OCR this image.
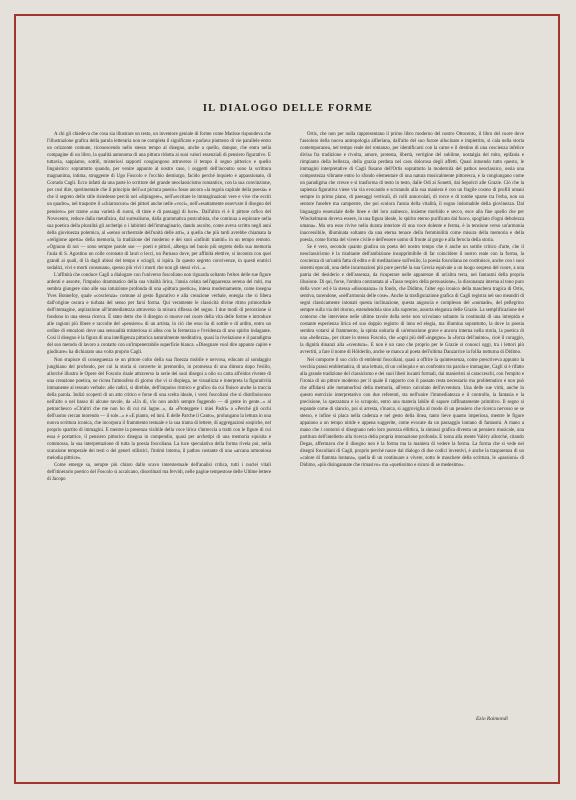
IL DIALOGO DELLE FORME

A chi gli chiedeva che cosa sia illustrare un testo, un inventore geniale di forme come Matisse rispondeva che l'illustrazione grafica della parola letteraria non ne completa il significato e parlava piuttosto di vie parallele entro un orizzonte comune, riconoscendo nello stesso tempo al disegno, anche a quello, dunque, che entra nella compagine di un libro, la qualità autonoma di una pittura ridotta ai suoi valori essenziali di pensiero figurativo. E tuttavia, sappiamo, sottili, misteriosi rapporti congiungono attraverso il tempo il segno pittorico e quello linguistico: soprattutto quando, per venire appunto al nostro caso, i soggetti dell'incontro sono la scrittura magnanima, intima, struggente di Ugo Foscolo e l'occhio demiurgo, facido perché inquieto e appassionato, di Corrado Cagli. Ecco infatti da una parte lo scrittore del grande neoclassicismo romantico, con la sua convinzione, per così dire, sperimentale che il principio dell'«ut pictura poesis» fosse ancora «la regola capitale della poesia» e che il segreto dello stile risiedesse perciò nel «dipingere», nell'«eccitare le immaginazioni vere e vive che ecciti un quadro», nel trasporre il «chiaroscuro» dei pittori anche nelle «voci», nell'«esattamente osservare il disegno del pensiero» per trarne «una varietà di suoni, di tinte e di passaggi di luce». Dall'altra vi è il pittore orfico del Novecento, reduce dalla metafisica, dal surrealismo, dalla grammatica postcubista, che continua a esplorare nella sua poetica della pluralità gli archetipi o i labirinti dell'immaginario, dando ascolto, come aveva scritto negli anni della giovinezza polemica, al «senso orchestrale dell'unità delle arti», a quella che più tardi avrebbe chiamata la «religione aperta» della memoria, la tradizione del moderno e dei suoi «infiniti tramiti» in un tempo remoto. «Ognuno di noi — sono sempre parole sue — poeti e pittori, alberga nel buoio più segreto della sua memoria l'aula di S. Agostino un colle coronato di lauri o lecci, un Parnaso dove, per affinità elettive, si incontra con quei grandi ai quali, di là dagli abissi del tempo e sciogli, si ispira. In questo segreto convivenze, in questi eratrici sodalizi, vivi e morti consonano, spesso più vivi i morti che non gli stessi vivi...».

L'affinità che conduce Cagli a dialogare con l'universo foscoliano non riguarda soltanto l'ethos delle sue figure ardenti e assorte, l'impulso drammatico della sua vitalità lirica, l'ansia celata nell'apparenza serena dei miti, ma sembra giungere sino alle sua intuizione profonda di una «pittura poetica», intesa modernamente, come insegna Yves Bonnefoy, quale «coscienza» comune al gesto figurativo e alla creazione verbale, energia che si libera dall'origine oscura e turbata del senso per farsi forma. Qui veramente le classicità divine ritmo primordiale dell'immagine, aspirazione all'immediatezza attraverso la misura riflessa del segno. I due modi di percezione si fondono in una stessa ricerca. È stato detto che il disegno si muove nel cuore della vita delle forme e introduce alle ragioni più libere e raccolte del «pensiero» di un artista, in ciò che esso ha di sottile e di ardito, entro un ordine di emozioni dove una sensualità misteriosa si allea con la fermezza e l'evidenza di uno spirito indagante. Così il disegno è la figura di una intelligenza pittorica naturalmente meditativa, quasi la rivelazione e il paradigma del suo metodo di lavoro a contatto con un'impenetrabile superficie bianca. «Disegnare vuol dire appunto capire e giudicare» ha dichiarato una volta proprio Cagli.

Non stupisce di conseguenza se un pittore colto della sua finezza mobile e nervosa, educato al sondaggio junghiano del profondo, per cui la storia si converte in premordio, in promessa di una dimora dopo l'esilio, allorché illustra le Opere del Foscolo risale attraverso la serie dei suoi disegni a olio su carta all'eidos rivente di una creazione poetica, ne ricrea l'atmosfera di giorno che vi si dispiega, ne visualizza e interpreta la figuratività immanente al tessuto verbale: alle radici, si direbbe, dell'impulso ritmico e grafico da cui fluisce anche la traccia della parola. Indizi scoperti di un atto critico e forse di una scelta ideale, i versi foscoliani che si distribuiscono nell'alto o nel basso di alcune tavole, da «Un dì, s'io non andrò sempre fuggendo — di gente in gente...» al petrarchesco «Ch'altri che me non ho di cui mi lagne...», da «Proteggete i miei Padri» a «Perché gli occhi dell'uomo cercan morendo — il sole...» e «E pianto, ed inni. E delle Parche il Canto», prolungano la lettura in una nuova scrittura iconica, che incorpora il frammento testuale e la sua trama di lettere, di aggregazioni sospiche, nel proprio spartito di immagini. E mentre la presenza visibile della voce lirica s'intreccia a tratti con le figure di cui essa è portatrice, il pensiero pittorico disegna in compendio, quasi per archetipi di una memoria squisita e commossa, la sua interpretazione di tutta la poesia foscoliana. La luce speculativa della forma rivela poi, nella scansione temperale dei testi o dei generi stilistici, l'intimi interna, il pathos costante di una «arcana armoniosa melodia pittrice».

Come emerge su, sempre più chiaro dallo scavo interstestuale dell'analisi critica, tutti i nuclei vitali dell'itinerario poetico del Foscolo si accalcano, disordinati ma fervidi, nelle pagine tempestose delle Ultime lettere di Jacopo

Ortis, che non per nulla rappresentano il primo libro moderno del nostro Ottocento, il libro del cuore dove l'assoluto della nuova antropologia alfieriana, dall'alto del suo furore allucinato e impietrito, si cala nella storia contemporanea, nel tempo reale del romanzo, per identificarsi con la carne e il destino di una coscienza infelice divisa fra tradizione e rivolta, amore, protesta, libertà, vertigine del sublime, nostalgia del mito, epifania e rimpianto della bellezza, della grazia perduta nel caos dolorosa degli affetti. Quasi intuendo tutto questo, le immagini interpretative di Cagli fissano dell'Ortis soprattutto la modernità del pathos neoclassico, ossia una compostezza vibrante entro lo sfondo elementare di una natura musicalmente pittoresca, e la congiungano come un paradigma che cresce e si trasforma di testo in testo, dalle Odi ai Sonetti, dai Sepolcri alle Grazie. Ciò che la sapienza figurativa viene via via evocando e scrutando alla sua maniera è con un fragile cosmo di profili umani sempre in primo piano, di paesaggi verticali, di colli annuvolati, di rocce e di tombe sparse tra l'erba, non un sentore funebre ma campestre, che poi scolora l'ansia della vitalità, il sogno indomabile della giovinezza. Dal linguaggio essenziale delle linee e del loro arabesco, insieme morbido e secco, esce alla fine quello che per Winckelmann doveva essere, in una figura ideale, lo spirito eterno purificato dal fuoco, spogliato d'ogni debolezza umana». Ma ora esso rivive nella durata interiore di una voce dolente e ferma, è la tensione verso un'armonia inaccessibile, illuminata soltanto da una eterna tenace della femminilità come misura della memoria e della poesia, come forma del vivere civile e dell'essere uomo di fronte al gorgo e alla ferocia della storia.

Se è vero, secondo quanto giudica un poeta del nostro tempo che è anche un sottile critico d'arte, che il neoclassicismo è la risultante dell'ambizione insopprimibile di far coincidere il nostro reale con la forma, la coscienza di un'unità fatta di edito e di meditazione sull'esilio, la poesia foscoliana ne costituisce, anche con i suoi sistemi epocali, una delle incarnazioni più pure perché la sua Grecia equivale a un luogo sospeso del cuore, a una patria dei desiderio e dell'assenza, da ricuperare nelle apparenze di un'altra terra, nei fantasmi della propria illusione. Di qui, forse, l'ombra contrastata al «Tasso respiro della persuasione», la dissonanza interna al tono puro della voce: ed è la stessa «dissonanza» in fondo, che Didimo, l'alter ego ironico della maschera tragica di Ortis, sentiva, tacendone, «nell'armonia delle cose». Anche la trasfigurazione grafica di Cagli registra nel suo meandri di segni classicamente intonati questa inclinazione, questa angoscia e complesso del «nomade», del pellegrino sempre sulla via del ritorno, estendendola sino alla supremo, assorta eleganza delle Grazie. La semplificazione del contorno che interviene nelle ultime tavole della serie non scivolano soltanto la continuità di una intrepida e costante esperienza lirica ed suo doppio registro di inno ed elegia, ma illumina soprattutto, la dove la poesia sembra votarsi al frammento, la spinta unitaria di un'emozione grave e ancora interna nella storia, la poetica di una «bellezza», per citare lo stesso Foscolo, che «ogni più dell'«ingegno» la «forza dell'animo», cioè il coraggio, la dignità dinanzi alla «sventura». E non è un caso che proprio per le Grazie si conosci oggi, tra i lettori più avvertiti, a fare il nome di Hölderlin, anche se manca al poeta dell'ultima Danzarrice la follia notturna di Didimo.

Nel comporre il suo ciclo di emblemi foscoliani, quasi a offrire la quintessenza, come prescriveva appunto la vecchia prassi emblematica, di una lettura, di un colloquio e un confronto tra parola e immagine, Cagli si è rifatto alla grande tradizione del classicismo e dei suoi liberi incanti formali, dai manieristi ai caracceschi, con l'empito e l'ironia di un pittore moderno per il quale il rapporto con il passato resta necessario ma problematico e non può che affidarsi alle metamorfosi della memoria, all'estro calcolato dell'avventura. Una delle sue virtù, anche in questo esercizio interpretativo con due referenti, sta nell'unire l'immediatezza e il controllo, la fantasia e la precisione, la spezzatura e lo scrupolo, entro una materia labile di sapore raffinatamente primitivo. Il segno si espande come di slancio, poi si arresta, s'inarca, si aggroviglia al modo di un pensiero che ricerca nervoso se se stesso, e infine si placa nella cadenza e nel gesto della linea, tanto lieve quanto imperiosa, mentre le figure appaiono a un tempo nitide e appena suggerite, come evocate da un passaggio lontano di fantasmi. A mano a mano che i contorni si disegnano nelo loro purezza ellittica, la sintassi grafica diventa un pensiero musicale, una partitura dell'intelletto alla ricerca della propria intonazione profonda. E torna alla mente Valéry allorché, citando Degas, affermava che il disegno non è la forma ma la maniera di vedere la forma. La forma che si vede nei disegni foscoliani di Cagli, proprio perché nasce dal dialogo di due codici inventivi, è anche la trasparenza di un «calore di fiamma lontana», quella di un continuare a vivere, sotto le maschere della scrittura, le «passioni» di Didimo, «più disingannate che rimasivo» ma «quetissimo e sicuro di se medesimo».

Ezio Raimondi
